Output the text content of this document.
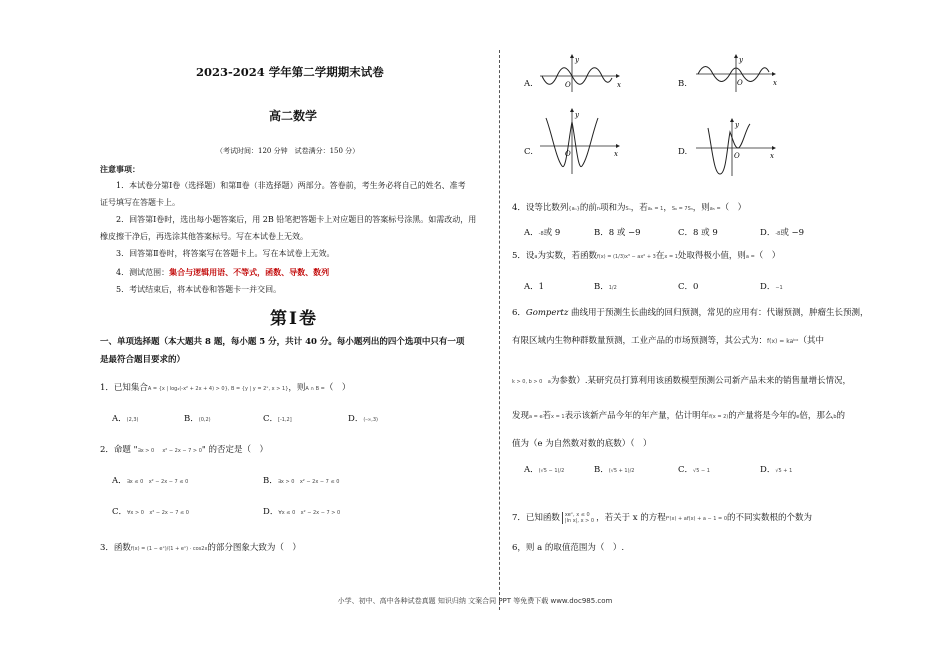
2023-2024 学年第二学期期末试卷
高二数学
（考试时间：120 分钟　试卷满分：150 分）
注意事项：
1．本试卷分第Ⅰ卷（选择题）和第Ⅱ卷（非选择题）两部分。答卷前，考生务必将自己的姓名、准考
证号填写在答题卡上。
2．回答第Ⅰ卷时，选出每小题答案后，用 2B 铅笔把答题卡上对应题目的答案标号涂黑。如需改动，用
橡皮擦干净后，再选涂其他答案标号。写在本试卷上无效。
3．回答第Ⅱ卷时，将答案写在答题卡上。写在本试卷上无效。
4．测试范围：集合与逻辑用语、不等式，函数、导数、数列
5．考试结束后，将本试卷和答题卡一并交回。
第Ⅰ卷
一、单项选择题（本大题共 8 题，每小题 5 分，共计 40 分。每小题列出的四个选项中只有一项
是最符合题目要求的）
1．已知集合A = {x | log₂(-x² + 2x + 4) > 0}, B = {y | y = 2ˣ, x > 1}，则A ∩ B =（　）
A．(2,3)	B．(0,2)	C．[-1,2]	D．(-∞,3)
2．命题 "∃x > 0 x² − 2x − 7 > 0" 的否定是（　）
A．∃x ≤ 0 x² − 2x − 7 ≤ 0	B．∃x > 0 x² − 2x − 7 ≤ 0
C．∀x > 0 x² − 2x − 7 ≤ 0	D．∀x ≤ 0 x² − 2x − 7 > 0
3．函数f(x) = (1 − eˣ)/(1 + eˣ) · cos2x的部分图象大致为（　）
A.
y
x
O	B.
y
x
O
C.
y
x
O	D.
y
x
O
4．设等比数列{aₙ}的前n项和为Sₙ，若a₁ = 1，S₆ = 7S₃，则a₅ =（　）
A．-8或 9	B．8 或 −9	C．8 或 9	D．-8或 −9
5．设a为实数，若函数f(x) = (1/3)x³ − ax² + 3在x = 1处取得极小值，则a =（　）
A．1	B．1/2	C．0	D．−1
6．Gompertz 曲线用于预测生长曲线的回归预测，常见的应用有：代谢预测，肿瘤生长预测，
有限区域内生物种群数量预测，工业产品的市场预测等，其公式为：f(x) = kaᵇˣ（其中
k > 0, b > 0 a为参数）.某研究员打算利用该函数模型预测公司新产品未来的销售量增长情况，
发现a = e若x = 1表示该新产品今年的年产量，估计明年f(x = 2)的产量将是今年的e倍，那么b的
值为（e 为自然数对数的底数）（　）
A．(√5 − 1)/2	B．(√5 + 1)/2	C．√5 − 1	D．√5 + 1
7．已知函数 xeˣ, x ≤ 0
|ln x|, x > 0 ，若关于 x 的方程f²(x) + af(x) + a − 1 = 0的不同实数根的个数为
6，则 a 的取值范围为（　）.
小学、初中、高中各种试卷真题 知识归纳 文案合同 PPT 等免费下载 www.doc985.com
